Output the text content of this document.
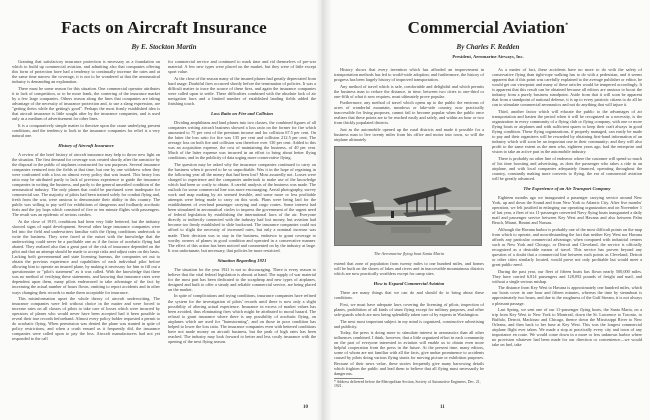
Facts on Aircraft Insurance
By E. Stockton Martin

Granting that satisfactory insurance protection is necessary as a foundation on which to build up commercial aviation, and admitting also that companies offering this form of protection have had a tendency to continually increase the rates and at the same time narrow the coverage, it is not to be wondered at that the aeronautical industry is demanding an explanation.

There must be some reason for this situation. One commercial operator attributes it to lack of competition, or to be more frank, the cornering of the insurance market by a few large companies. Others reason along the lines that companies are taking advantage of the necessity of insurance protection and, to use a slang expression, are "getting theirs while the getting's good". Perhaps the most firmly established idea is that aircraft insurance is little sought after by the insurance companies, and is used only as a medium of advertisement for other lines.

It is a comparatively simple matter to theorize upon the cause underlying present conditions, and the tendency to look to the insurance companies for relief is a very natural one.

History of Aircraft Insurance

A review of the brief history of aircraft insurance may help to throw new light on the situation. The first demand for coverage was created shortly after the armistice by the disposal to the public of airplanes constructed for war purposes. Several insurance companies ventured into the fields at that time, but one by one withdrew when they were confronted with a loss on almost every policy that was issued. This heavy loss ratio may be attributed partly to lack of previous experience to guide the insurance companies in writing the business, and partly to the general unsettled condition of the aeronautical industry. The only planes that could be purchased were inadequate for commercial use. The majority of pilots had been trained solely for combat flying and, fresh from the war, were anxious to demonstrate their ability in this country. The public was willing to pay well for exhibitions of dangerous and foolhardy acrobatic feats and the joy hops which consisted of five or ten minute flights with passengers. The result was an epidemic of serious crashes.

At the close of 1919, conditions had been very little bettered, but the industry showed signs of rapid development. Several other large insurance companies were led into the field and underwriters familiar with the flying conditions undertook to write the business. They were faced at the outset with the knowledge that the underwriting could never be a profitable one as if the factor of acrobatic flying had abated. They realized also that a great part of the risk of insurance depended on the pilot and that an attempt should be made to accept risks and adjust rates on this basis. Lacking both governmental and state licensing bureaus, the companies set out to obtain the previous experience and capabilities of each individual pilot before allowing him to operate an insured plane, by making it necessary for him to fill out a questionnaire or "pilot's statement" as it was called. With the knowledge that there was no method of verifying these statements, and knowing that insurance rates were dependent upon them, many pilots endeavored to take advantage of the fact by increasing the actual number of hours flown, omitting to report accidents and in other ways changing their records to make them acceptable for insurance.

This misinformation upset the whole theory of aircraft underwriting. The insurance companies were left without choice in the matter and were forced to increase rates on all classes of pilots to take care of losses which were incurred by operators of planes who would never have been accepted had it been possible to reveal their true records beforehand. Almost every policy holder requested a permit to do acrobatic flying. When permission was denied the plane was stunted in spite of policy restrictions, and when a crash ensued as it frequently did, the insurance companies were called upon to pay the loss. Aircraft manufacturers had not yet responded to the call

for commercial service and continued to mark time and rid themselves of pre-war material. A few new types were placed on the market, but they were of little except sport value.

At the close of the season many of the insured planes had greatly depreciated from hard usage. Doubtful fires occurred shortly before the termination of policies. It was a difficult matter to trace the source of these fires, and again the insurance companies were called upon to settle. These difficulties combined with the absolute lack of air navigation laws and a limited number of established landing fields added the finishing touch.

Loss Ratio on Fire and Collision

Dividing amphibians and land planes into two classes, the combined figures of all companies writing aircraft business showed a loss ratio on the former for fire which amounted to 75 per cent of the premium income and for collision 67.5 per cent. On the latter the loss ratio for fire was 135 per cent and collision 212.5 per cent. The average loss on both fire and collision was therefore over 130 per cent. Added to this was an acquisition expense, the cost of maintaining the business, of 40 per cent. Much of the latter expense was incurred in an effort to bring about better flying conditions, and in the publicity of data urging more conservative flying.

The question may be asked why the insurance companies continued to carry on the business when it proved to be so unprofitable. Was it in the hope of regaining in the following year all the money that had been lost? Most assuredly not. Losses were charged to experience and the companies undertook to make use of the knowledge which had been so costly to obtain. A careful analysis of the business was made. The outlook for some commercial line was more encouraging. Aerial photography, survey work and map making by air seemed feasible, and some more or less profitable attempts were being made to carry on this work. Plans were being laid for the establishment of overland passenger carrying and cargo routes. Some interest had been stimulated in aeronautical circles to impress the government of the urgent need of federal legislation by establishing the international laws of the air. Everyone directly or indirectly connected with the industry had lost money, but aviation had become too firmly established to slide backward. The insurance companies could not afford to slight the necessity of increased rates, but only a nominal increase was made. Their decision was to stay in the business, endeavor to grant coverage to worthy owners of planes in good condition and operated in a conservative manner. The effect of this action has been noticed and commented on by the industry at large. It was unfortunate, but necessary, that policies be more restricted.

Situation Regarding 1921

The situation for the year 1921 is not so discouraging. There is every reason to believe that the vital federal legislation is almost at hand. The supply of war material for the most part has been dedicated to the scrapheap and new types of airplanes, designed and built to offer a steady and reliable commercial service, are being placed on the market.

In spite of complications and trying conditions, insurance companies have refined the system for the investigation of pilots' records until there is now only a slight possibility of altering actual experience. Insurance in excess of market values has been avoided, thus eliminating fires which might be attributed to moral hazard. The refusal to grant insurance where there is any possibility of acrobatic flying, on airplanes which are used for "barnstorming", and on those in poor condition has helped to lower the loss ratio. The insurance companies even with bettered conditions have not made money on aircraft business, but the peak of high rates has been reached. The industry may look forward to better and less costly insurance with the opening of the next flying season.

10
Commercial Aviation*
By Charles F. Redden
President, Aeromarine Airways, Inc.

History shows that every invention which has afforded an improvement in transportation methods has led to world-wide adoption; and furthermore, the history of progress has been largely history of improved transportation.

Any method of travel which is safe, comfortable and delightful and which permits the business man to reduce the distance, in time, between two cities to one-third or one-fifth of what it now requires, must ultimately prove popular.

Furthermore, any method of travel which opens up to the public the environs of acres of wonderful mountain, meadows or lake-side country, now practically inaccessible for living purposes, cannot fail to become popular when the public once realizes that these points are to be reached easily and safely, and within an hour or two from thickly populated districts.

Just as the automobile opened up the rural districts and made it possible for a business man to live twenty miles from his office and motor into town, so will the airplane ultimately

The Aeromarine flying boat Santa Maria

extend that zone of population from twenty miles to one hundred miles, and homes will be built on the shores of lakes and rivers and in inaccessible mountainous districts which are now practically worthless except for camp sites.

How to Expand Commercial Aviation

There are many things that we can do and should do to bring about these conditions.

First, we must have adequate laws covering the licensing of pilots, inspection of planes, prohibition of all kinds of stunt flying except for military purposes, and other safe-guards which are now being splendidly taken care of by experts in Washington.

The next most important subject in my mind is organized, constructive advertising and publicity.

Today, the press is doing more to stimulate interest in aeronautics than all other influences combined. I think, however, that a little organized effort in each community on the part of everyone interested in aviation will enable us to obtain even more helpful cooperation from the press in the future. At the present time, many editors, some of whom are not familiar with all the facts, give undue prominence to accidents caused by pilots doing various flying stunts for moving picture or exhibition purposes. Because of their news value, these stories frequently give many harrowing details which frighten the public and lead them to believe that all flying must necessarily be dangerous.

* Address delivered before the Metropolitan Section, Society of Automotive Engineers, Dec. 21, 1921.

As a matter of fact, these accidents have no more to do with the safety of conservative flying than tight-rope walking has to do with a pedestrian, and it seems apparent that if this point was carefully explained to the average publisher or editor, he would get our viewpoint and many of these articles would be tempered accordingly. It is apparent that this result can be obtained because all editors are anxious to boost the industry from a purely business standpoint. Aside from that it will soon be apparent that from a standpoint of national defense, it is up to every patriotic citizen to do all he can to stimulate commercial aeronautics and not do anything that will injure it.

Third, another factor which will educate the public to the advantages of air transportation and hasten the period when it will be recognized as a necessity, is the organization in every community of a flying club or flying company, with one or more flying boats or airplanes and with sufficient spares to keep their craft always in good flying condition. These flying organizations, if properly managed, can easily be made to pay and their organizers will be rewarded by obtaining first-hand information of an industry which will soon be an important one in their community; and they will also profit to the same extent as the men who, eighteen years ago, had the enterprise and vision to take an active part in the automobile industry.

There is probably no other line of endeavor where the customer will spend so much of his time boosting and advertising, as does the passenger who takes a ride in an airplane, and with local companies adequately financed, operating throughout the country, constantly making more converts to flying, the era of commercial aviation will be greatly advanced.

The Experience of an Air Transport Company

Eighteen months ago we inaugurated a passenger carrying service around New York, up and down the Sound and from New York to Atlantic City. After five months' operation, we felt justified in enlarging our operating organization and on November 1 of last year, a fleet of six 11-passenger converted Navy flying boats inaugurated a daily mail and passenger service between Key West and Havana and also between Palm Beach, Miami, Bimini and Nassau.

Although the Havana harbor is probably one of the most difficult points on the map from which to operate, and notwithstanding the fact that neither Key West nor Havana affords any particular commercial advantage, when compared with industrial centers such as New York and Chicago, or Detroit and Cleveland, the service is officially recognized as a desirable means of travel. This service has proven beyond any question of a doubt that a commercial line between such points as Cleveland, Detroit or other cities similarly located, would prove not only profitable but would meet a great public need.

During the past year, our fleet of fifteen boats has flown nearly 500,000 miles. They have carried 6,814 passengers and 128,092 pounds of freight and mail, and without a single serious mishap.

The distance from Key West to Havana is approximately one hundred miles, which our boats cover in one hour and fifteen minutes, whereas the time by steamboat is approximately two hours, and due to the roughness of the Gulf Stream, it is not always a pleasant passage.

Last Spring, we sent one of our 11-passenger flying boats, the Santa Maria, on a trip from Key West to New York to Montreal, down the St. Lawrence to Toronto, to Buffalo, Detroit, Mackinac and Chicago, thence down the Mississippi River to New Orleans, and then back to her base at Key West. This was the longest commercial airplane flight ever taken. We made a stop at practically every city and town of any importance en route. We would come down in a more or less unknown harbor where no provision whatever had been made for our direction or convenience—we would take on fuel, take

11
